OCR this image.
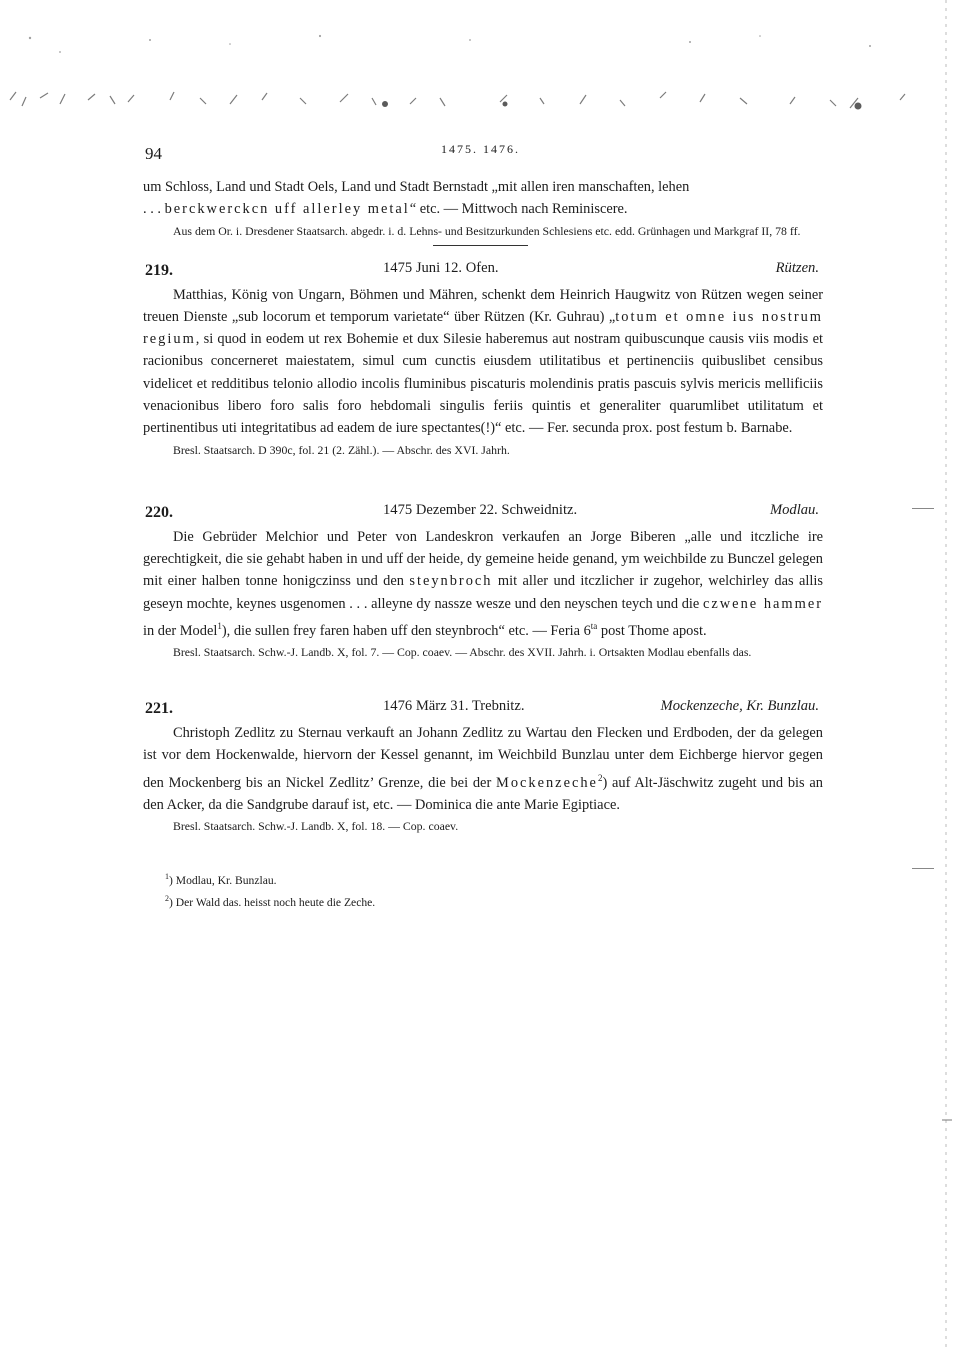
94	1475. 1476.
um Schloss, Land und Stadt Oels, Land und Stadt Bernstadt „mit allen iren manschaften, lehen
. . . berckwerckcn uff allerley metal“ etc. — Mittwoch nach Reminiscere.
Aus dem Or. i. Dresdener Staatsarch. abgedr. i. d. Lehns- und Besitzurkunden Schlesiens etc. edd. Grünhagen und Markgraf II, 78 ff.
219.	1475 Juni 12. Ofen.	Rützen.
Matthias, König von Ungarn, Böhmen und Mähren, schenkt dem Heinrich Haugwitz von Rützen wegen seiner treuen Dienste „sub locorum et temporum varietate“ über Rützen (Kr. Guhrau) „totum et omne ius nostrum regium, si quod in eodem ut rex Bohemie et dux Silesie haberemus aut nostram quibuscunque causis viis modis et racionibus concerneret maiestatem, simul cum cunctis eiusdem utilitatibus et pertinenciis quibuslibet censibus videlicet et redditibus telonio allodio incolis fluminibus piscaturis molendinis pratis pascuis sylvis mericis mellificiis venacionibus libero foro salis foro hebdomali singulis feriis quintis et generaliter quarumlibet utilitatum et pertinentibus uti integritatibus ad eadem de iure spectantes(!)“ etc. — Fer. secunda prox. post festum b. Barnabe.
Bresl. Staatsarch. D 390c, fol. 21 (2. Zähl.). — Abschr. des XVI. Jahrh.
220.	1475 Dezember 22. Schweidnitz.	Modlau.
Die Gebrüder Melchior und Peter von Landeskron verkaufen an Jorge Biberen „alle und itczliche ire gerechtigkeit, die sie gehabt haben in und uff der heide, dy gemeine heide genand, ym weichbilde zu Bunczel gelegen mit einer halben tonne honigczinss und den steynbroch mit aller und itczlicher ir zugehor, welchirley das allis geseyn mochte, keynes usgenomen . . . alleyne dy nassze wesze und den neyschen teych und die czwene hammer in der Model$^1$), die sullen frey faren haben uff den steynbroch“ etc. — Feria $6^{ta}$ post Thome apost.
Bresl. Staatsarch. Schw.-J. Landb. X, fol. 7. — Cop. coaev. — Abschr. des XVII. Jahrh. i. Ortsakten Modlau ebenfalls das.
221.	1476 März 31. Trebnitz.	Mockenzeche, Kr. Bunzlau.
Christoph Zedlitz zu Sternau verkauft an Johann Zedlitz zu Wartau den Flecken und Erdboden, der da gelegen ist vor dem Hockenwalde, hiervorn der Kessel genannt, im Weichbild Bunzlau unter dem Eichberge hiervor gegen den Mockenberg bis an Nickel Zedlitz’ Grenze, die bei der Mockenzeche$^2$) auf Alt-Jäschwitz zugeht und bis an den Acker, da die Sandgrube darauf ist, etc. — Dominica die ante Marie Egiptiace.
Bresl. Staatsarch. Schw.-J. Landb. X, fol. 18. — Cop. coaev.
$^1$) Modlau, Kr. Bunzlau.
$^2$) Der Wald das. heisst noch heute die Zeche.
